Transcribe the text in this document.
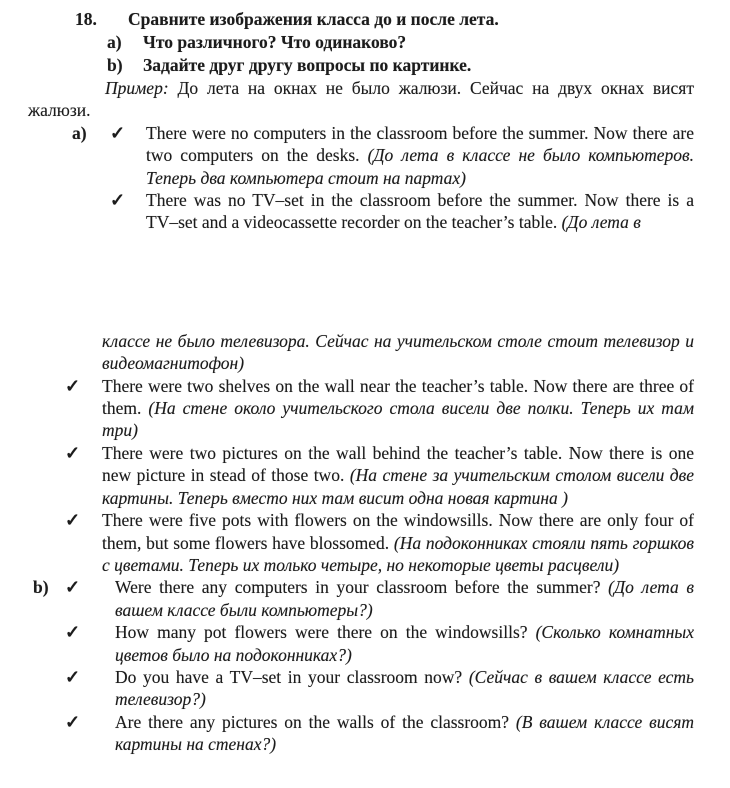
18. Сравните изображения класса до и после лета.
a) Что различного? Что одинаково?
b) Задайте друг другу вопросы по картинке.

Пример: До лета на окнах не было жалюзи. Сейчас на двух окнах висят жалюзи.

a) ✓ There were no computers in the classroom before the summer. Now there are two computers on the desks. (До лета в классе не было компьютеров. Теперь два компьютера стоит на партах)
✓ There was no TV–set in the classroom before the summer. Now there is a TV–set and a videocassette recorder on the teacher’s table. (До лета в

классе не было телевизора. Сейчас на учительском столе стоит телевизор и видеомагнитофон)

✓ There were two shelves on the wall near the teacher’s table. Now there are three of them. (На стене около учительского стола висели две полки. Теперь их там три)
✓ There were two pictures on the wall behind the teacher’s table. Now there is one new picture in stead of those two. (На стене за учительским столом висели две картины. Теперь вместо них там висит одна новая картина )
✓ There were five pots with flowers on the windowsills. Now there are only four of them, but some flowers have blossomed. (На подоконниках стояли пять горшков с цветами. Теперь их только четыре, но некоторые цветы расцвели)
b) ✓ Were there any computers in your classroom before the summer? (До лета в вашем классе были компьютеры?)
✓ How many pot flowers were there on the windowsills? (Сколько комнатных цветов было на подоконниках?)
✓ Do you have a TV–set in your classroom now? (Сейчас в вашем классе есть телевизор?)
✓ Are there any pictures on the walls of the classroom? (В вашем классе висят картины на стенах?)
